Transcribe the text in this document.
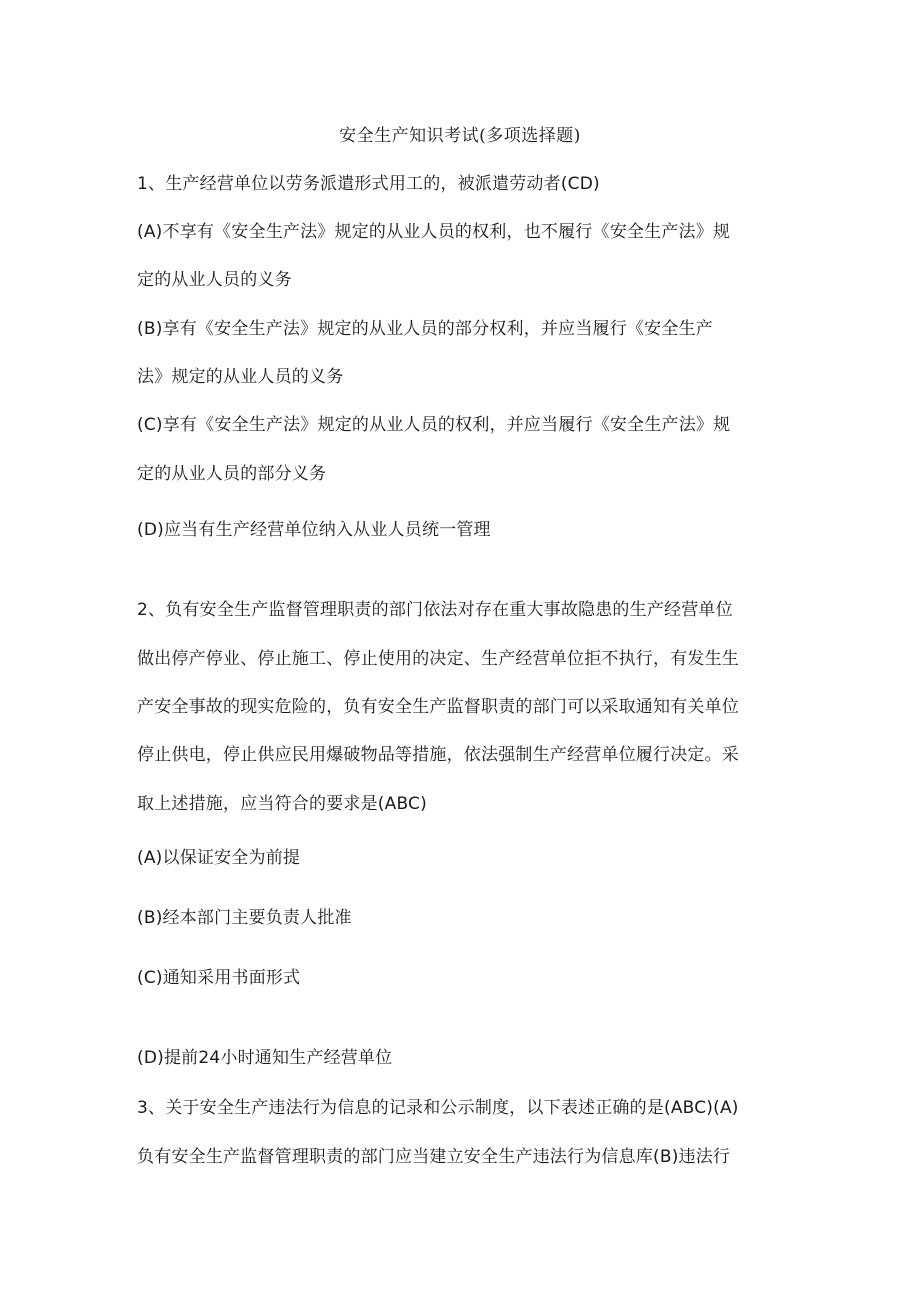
安全生产知识考试(多项选择题)
1、生产经营单位以劳务派遣形式用工的，被派遣劳动者(CD)
(A)不享有《安全生产法》规定的从业人员的权利，也不履行《安全生产法》规
定的从业人员的义务
(B)享有《安全生产法》规定的从业人员的部分权利，并应当履行《安全生产
法》规定的从业人员的义务
(C)享有《安全生产法》规定的从业人员的权利，并应当履行《安全生产法》规
定的从业人员的部分义务
(D)应当有生产经营单位纳入从业人员统一管理
2、负有安全生产监督管理职责的部门依法对存在重大事故隐患的生产经营单位
做出停产停业、停止施工、停止使用的决定、生产经营单位拒不执行，有发生生
产安全事故的现实危险的，负有安全生产监督职责的部门可以采取通知有关单位
停止供电，停止供应民用爆破物品等措施，依法强制生产经营单位履行决定。采
取上述措施，应当符合的要求是(ABC)
(A)以保证安全为前提
(B)经本部门主要负责人批准
(C)通知采用书面形式
(D)提前24小时通知生产经营单位
3、关于安全生产违法行为信息的记录和公示制度，以下表述正确的是(ABC)(A)
负有安全生产监督管理职责的部门应当建立安全生产违法行为信息库(B)违法行
